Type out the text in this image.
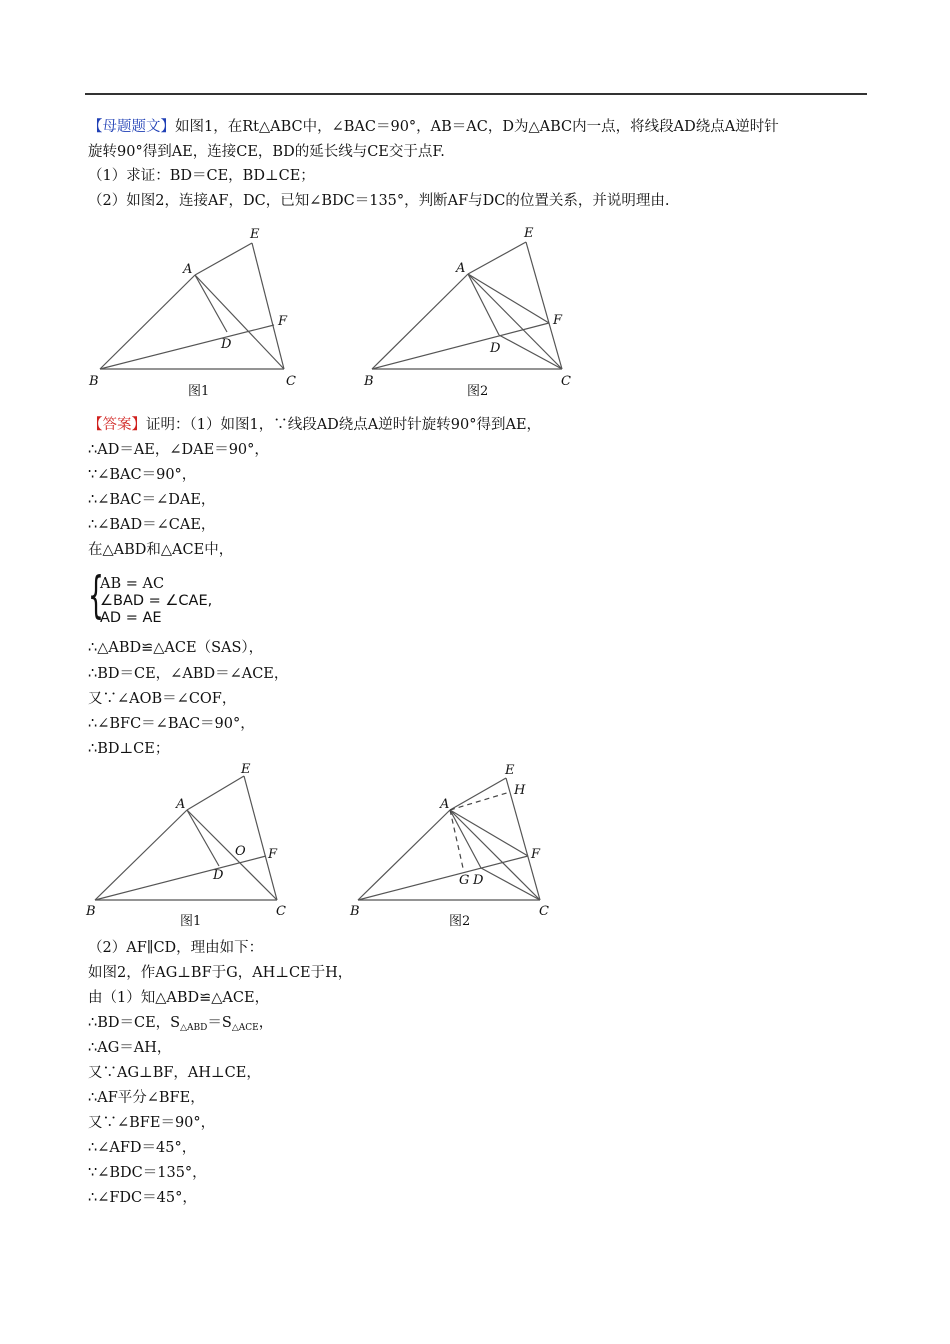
【母题题文】如图1，在Rt△ABC中，∠BAC＝90°，AB＝AC，D为△ABC内一点，将线段AD绕点A逆时针
旋转90°得到AE，连接CE，BD的延长线与CE交于点F.
（1）求证：BD＝CE，BD⊥CE；
（2）如图2，连接AF，DC，已知∠BDC＝135°，判断AF与DC的位置关系，并说明理由.
A
E
F
D
B	C
图1
A
E
F
D
B	C
图2
【答案】证明：（1）如图1，∵线段AD绕点A逆时针旋转90°得到AE，
∴AD＝AE，∠DAE＝90°，
∵∠BAC＝90°，
∴∠BAC＝∠DAE，
∴∠BAD＝∠CAE，
在△ABD和△ACE中，
{
AB = AC
∠BAD = ∠CAE,
AD = AE
∴△ABD≌△ACE（SAS），
∴BD＝CE，∠ABD＝∠ACE，
又∵∠AOB＝∠COF，
∴∠BFC＝∠BAC＝90°，
∴BD⊥CE；
A
E
O F
D
B	C
图1
A
E
H
F
G D
B	C
图2
（2）AF∥CD，理由如下：
如图2，作AG⊥BF于G，AH⊥CE于H，
由（1）知△ABD≌△ACE，
∴BD＝CE，$S_{\triangle ABD}=S_{\triangle ACE}$，
∴AG＝AH，
又∵AG⊥BF，AH⊥CE，
∴AF平分∠BFE，
又∵∠BFE＝90°，
∴∠AFD＝45°，
∵∠BDC＝135°，
∴∠FDC＝45°，
